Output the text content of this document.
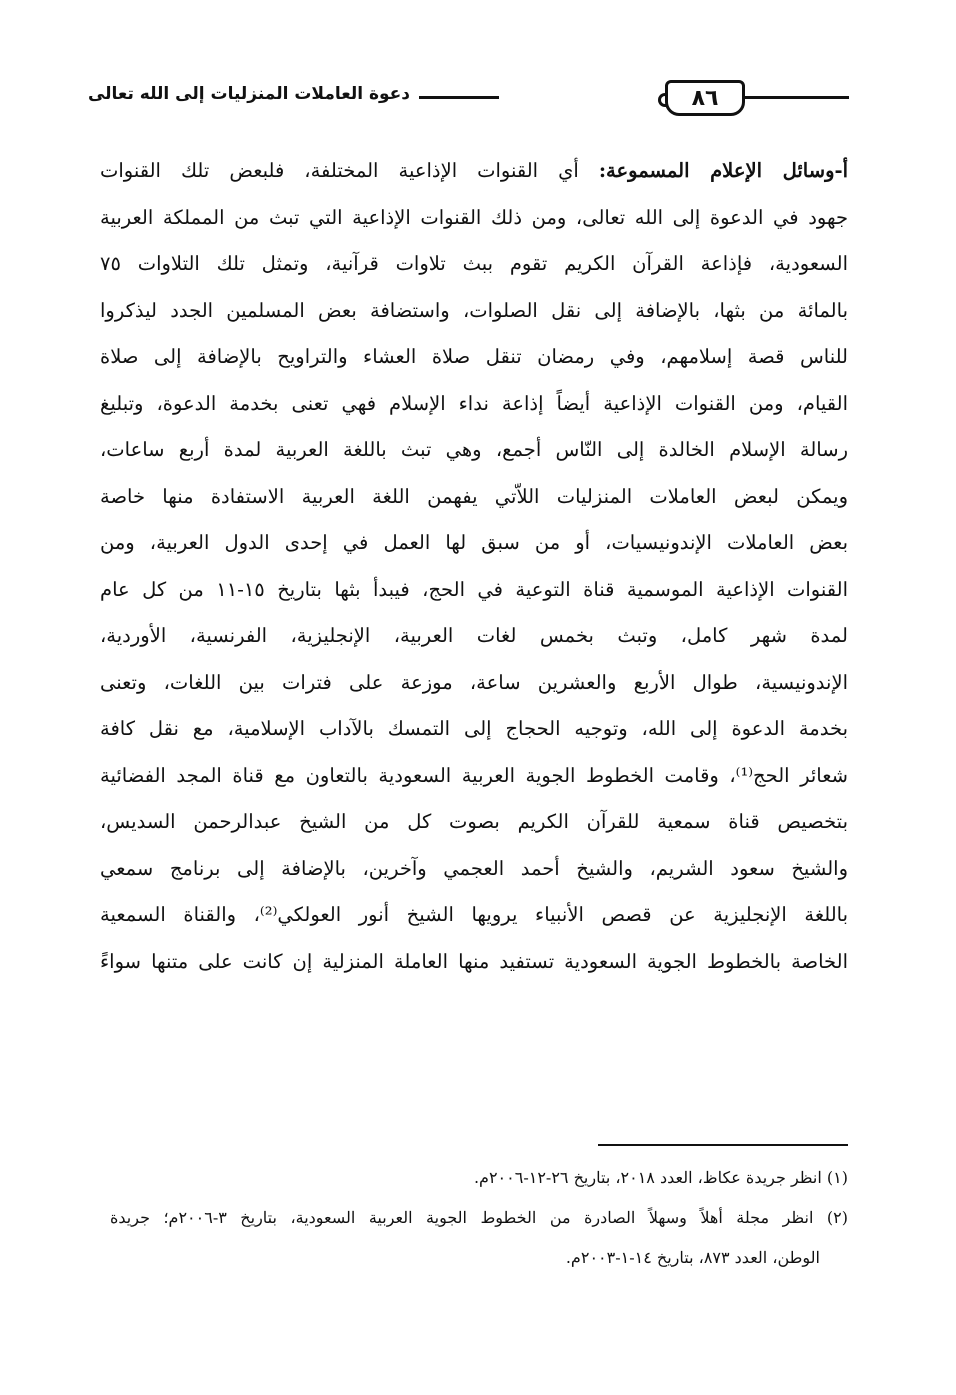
دعوة العاملات المنزليات إلى الله تعالى	٨٦
أ-وسائل الإعلام المسموعة: أي القنوات الإذاعية المختلفة، فلبعض تلك القنوات
جهود في الدعوة إلى الله تعالى، ومن ذلك القنوات الإذاعية التي تبث من المملكة العربية
السعودية، فإذاعة القرآن الكريم تقوم ببث تلاوات قرآنية، وتمثل تلك التلاوات ٧٥
بالمائة من بثها، بالإضافة إلى نقل الصلوات، واستضافة بعض المسلمين الجدد ليذكروا
للناس قصة إسلامهم، وفي رمضان تنقل صلاة العشاء والتراويح بالإضافة إلى صلاة
القيام، ومن القنوات الإذاعية أيضاً إذاعة نداء الإسلام فهي تعنى بخدمة الدعوة، وتبليغ
رسالة الإسلام الخالدة إلى النّاس أجمع، وهي تبث باللغة العربية لمدة أربع ساعات،
ويمكن لبعض العاملات المنزليات اللاّتي يفهمن اللغة العربية الاستفادة منها خاصة
بعض العاملات الإندونيسيات، أو من سبق لها العمل في إحدى الدول العربية، ومن
القنوات الإذاعية الموسمية قناة التوعية في الحج، فيبدأ بثها بتاريخ ١٥-١١ من كل عام
لمدة شهر كامل، وتبث بخمس لغات العربية، الإنجليزية، الفرنسية، الأوردية،
الإندونيسية، طوال الأربع والعشرين ساعة، موزعة على فترات بين اللغات، وتعنى
بخدمة الدعوة إلى الله، وتوجيه الحجاج إلى التمسك بالآداب الإسلامية، مع نقل كافة
شعائر الحج⁽¹⁾، وقامت الخطوط الجوية العربية السعودية بالتعاون مع قناة المجد الفضائية
بتخصيص قناة سمعية للقرآن الكريم بصوت كل من الشيخ عبدالرحمن السديس،
والشيخ سعود الشريم، والشيخ أحمد العجمي وآخرين، بالإضافة إلى برنامج سمعي
باللغة الإنجليزية عن قصص الأنبياء يرويها الشيخ أنور العولكي⁽²⁾، والقناة السمعية
الخاصة بالخطوط الجوية السعودية تستفيد منها العاملة المنزلية إن كانت على متنها سواءً
(١) انظر جريدة عكاظ، العدد ٢٠١٨، بتاريخ ٢٦-١٢-٢٠٠٦م.
(٢) انظر مجلة أهلاً وسهلاً الصادرة من الخطوط الجوية العربية السعودية، بتاريخ ٣-٢٠٠٦م؛ جريدة
الوطن، العدد ٨٧٣، بتاريخ ١٤-١-٢٠٠٣م.
